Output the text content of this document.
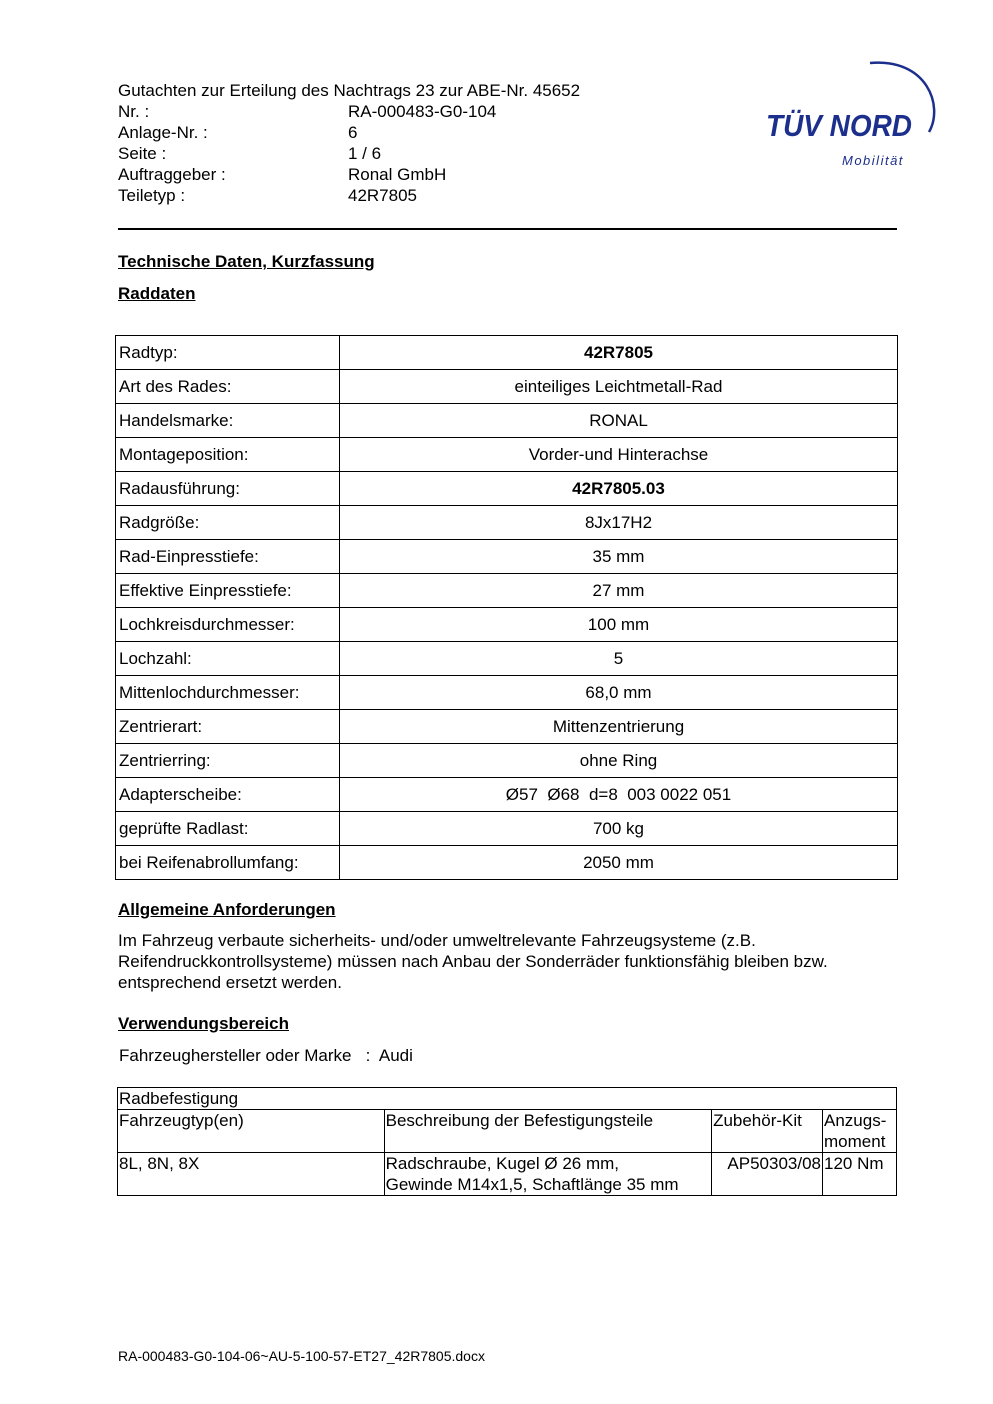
Gutachten zur Erteilung des Nachtrags 23 zur ABE-Nr. 45652
Nr. :	RA-000483-G0-104
Anlage-Nr. :	6
Seite :	1 / 6
Auftraggeber :	Ronal GmbH
Teiletyp :	42R7805
TÜV NORD
Mobilität
Technische Daten, Kurzfassung
Raddaten
Radtyp:	42R7805
Art des Rades:	einteiliges Leichtmetall-Rad
Handelsmarke:	RONAL
Montageposition:	Vorder-und Hinterachse
Radausführung:	42R7805.03
Radgröße:	8Jx17H2
Rad-Einpresstiefe:	35 mm
Effektive Einpresstiefe:	27 mm
Lochkreisdurchmesser:	100 mm
Lochzahl:	5
Mittenlochdurchmesser:	68,0 mm
Zentrierart:	Mittenzentrierung
Zentrierring:	ohne Ring
Adapterscheibe:	Ø57  Ø68  d=8  003 0022 051
geprüfte Radlast:	700 kg
bei Reifenabrollumfang:	2050 mm
Allgemeine Anforderungen
Im Fahrzeug verbaute sicherheits- und/oder umweltrelevante Fahrzeugsysteme (z.B. Reifendruckkontrollsysteme) müssen nach Anbau der Sonderräder funktionsfähig bleiben bzw. entsprechend ersetzt werden.
Verwendungsbereich
Fahrzeughersteller oder Marke : Audi
Radbefestigung			
Fahrzeugtyp(en)	Beschreibung der Befestigungsteile	Zubehör-Kit	Anzugs-moment
8L, 8N, 8X	Radschraube, Kugel Ø 26 mm,
Gewinde M14x1,5, Schaftlänge 35 mm	AP50303/08	120 Nm
RA-000483-G0-104-06~AU-5-100-57-ET27_42R7805.docx
